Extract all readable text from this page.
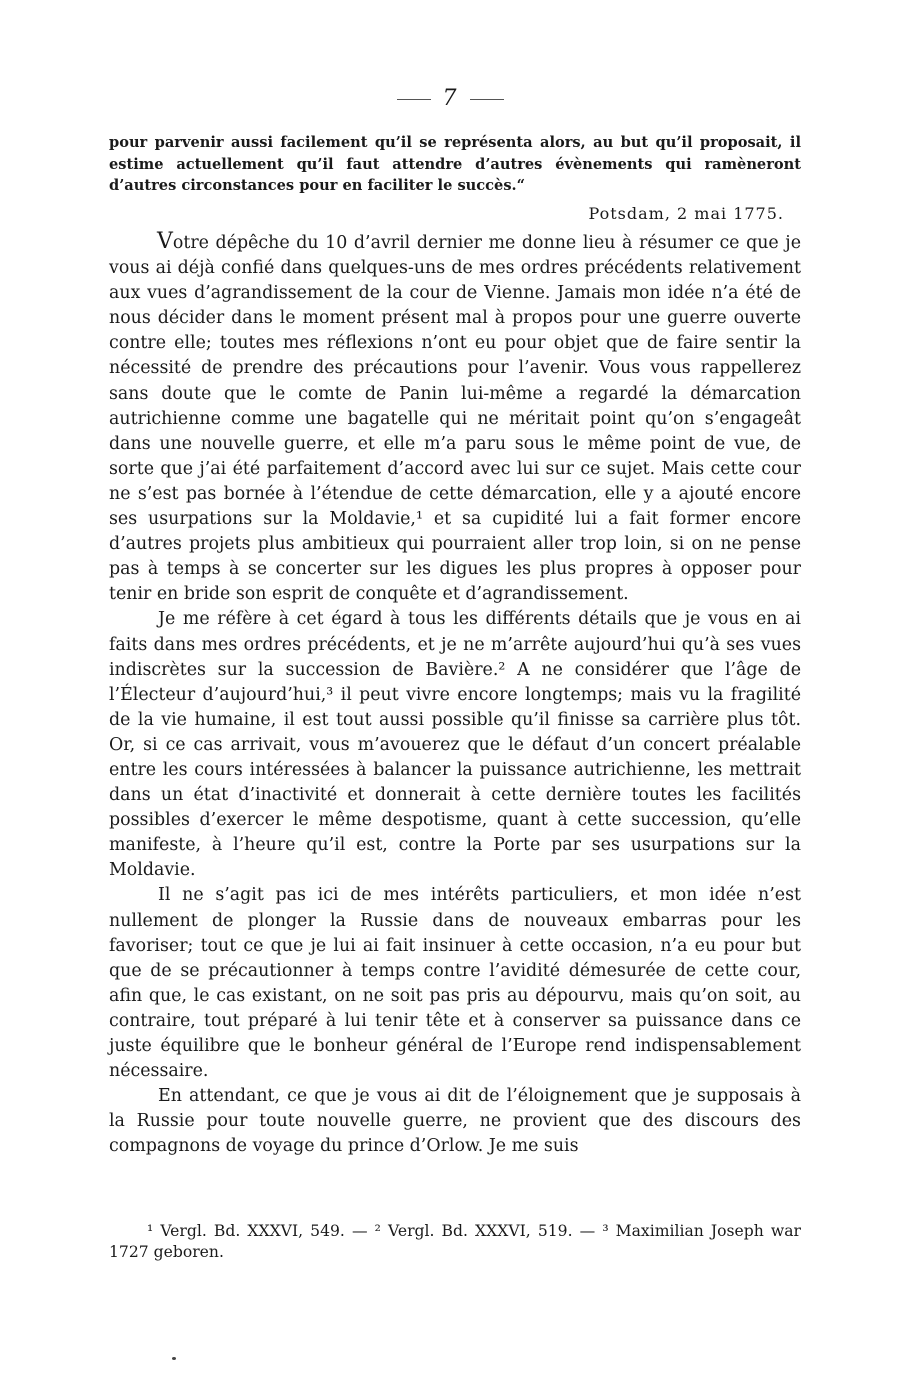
7

pour parvenir aussi facilement qu’il se représenta alors, au but qu’il proposait, il estime actuellement qu’il faut attendre d’autres évènements qui ramèneront d’autres circonstances pour en faciliter le succès.“

Potsdam, 2 mai 1775.

Votre dépêche du 10 d’avril dernier me donne lieu à résumer ce que je vous ai déjà confié dans quelques-uns de mes ordres précédents relativement aux vues d’agrandissement de la cour de Vienne. Jamais mon idée n’a été de nous décider dans le moment présent mal à propos pour une guerre ouverte contre elle; toutes mes réflexions n’ont eu pour objet que de faire sentir la nécessité de prendre des précautions pour l’avenir. Vous vous rappellerez sans doute que le comte de Panin lui-même a regardé la démarcation autrichienne comme une bagatelle qui ne méritait point qu’on s’engageât dans une nouvelle guerre, et elle m’a paru sous le même point de vue, de sorte que j’ai été parfaitement d’accord avec lui sur ce sujet. Mais cette cour ne s’est pas bornée à l’étendue de cette démarcation, elle y a ajouté encore ses usurpations sur la Moldavie,¹ et sa cupidité lui a fait former encore d’autres projets plus ambitieux qui pourraient aller trop loin, si on ne pense pas à temps à se concerter sur les digues les plus propres à opposer pour tenir en bride son esprit de conquête et d’agrandissement.

Je me réfère à cet égard à tous les différents détails que je vous en ai faits dans mes ordres précédents, et je ne m’arrête aujourd’hui qu’à ses vues indiscrètes sur la succession de Bavière.² A ne considérer que l’âge de l’Électeur d’aujourd’hui,³ il peut vivre encore longtemps; mais vu la fragilité de la vie humaine, il est tout aussi possible qu’il finisse sa carrière plus tôt. Or, si ce cas arrivait, vous m’avouerez que le défaut d’un concert préalable entre les cours intéressées à balancer la puissance autrichienne, les mettrait dans un état d’inactivité et donnerait à cette dernière toutes les facilités possibles d’exercer le même despotisme, quant à cette succession, qu’elle manifeste, à l’heure qu’il est, contre la Porte par ses usurpations sur la Moldavie.

Il ne s’agit pas ici de mes intérêts particuliers, et mon idée n’est nullement de plonger la Russie dans de nouveaux embarras pour les favoriser; tout ce que je lui ai fait insinuer à cette occasion, n’a eu pour but que de se précautionner à temps contre l’avidité démesurée de cette cour, afin que, le cas existant, on ne soit pas pris au dépourvu, mais qu’on soit, au contraire, tout préparé à lui tenir tête et à conserver sa puissance dans ce juste équilibre que le bonheur général de l’Europe rend indispensablement nécessaire.

En attendant, ce que je vous ai dit de l’éloignement que je supposais à la Russie pour toute nouvelle guerre, ne provient que des discours des compagnons de voyage du prince d’Orlow. Je me suis

¹ Vergl. Bd. XXXVI, 549. — ² Vergl. Bd. XXXVI, 519. — ³ Maximilian Joseph war 1727 geboren.
